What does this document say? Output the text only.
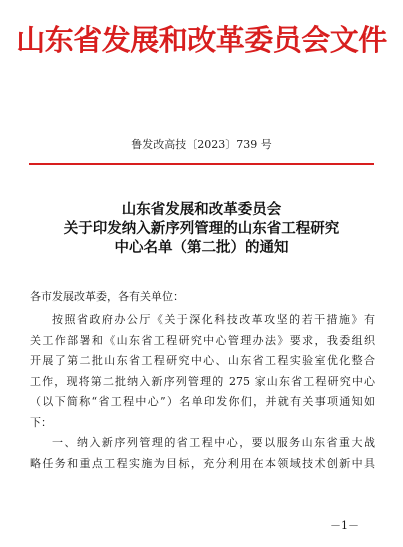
山东省发展和改革委员会文件
鲁发改高技〔2023〕739 号
山东省发展和改革委员会
关于印发纳入新序列管理的山东省工程研究
中心名单（第二批）的通知
各市发展改革委，各有关单位：
按照省政府办公厅《关于深化科技改革攻坚的若干措施》有
关工作部署和《山东省工程研究中心管理办法》要求，我委组织
开展了第二批山东省工程研究中心、山东省工程实验室优化整合
工作，现将第二批纳入新序列管理的 275 家山东省工程研究中心
（以下简称“省工程中心”）名单印发你们，并就有关事项通知如
下：
一、纳入新序列管理的省工程中心，要以服务山东省重大战
略任务和重点工程实施为目标，充分利用在本领域技术创新中具
－1－
